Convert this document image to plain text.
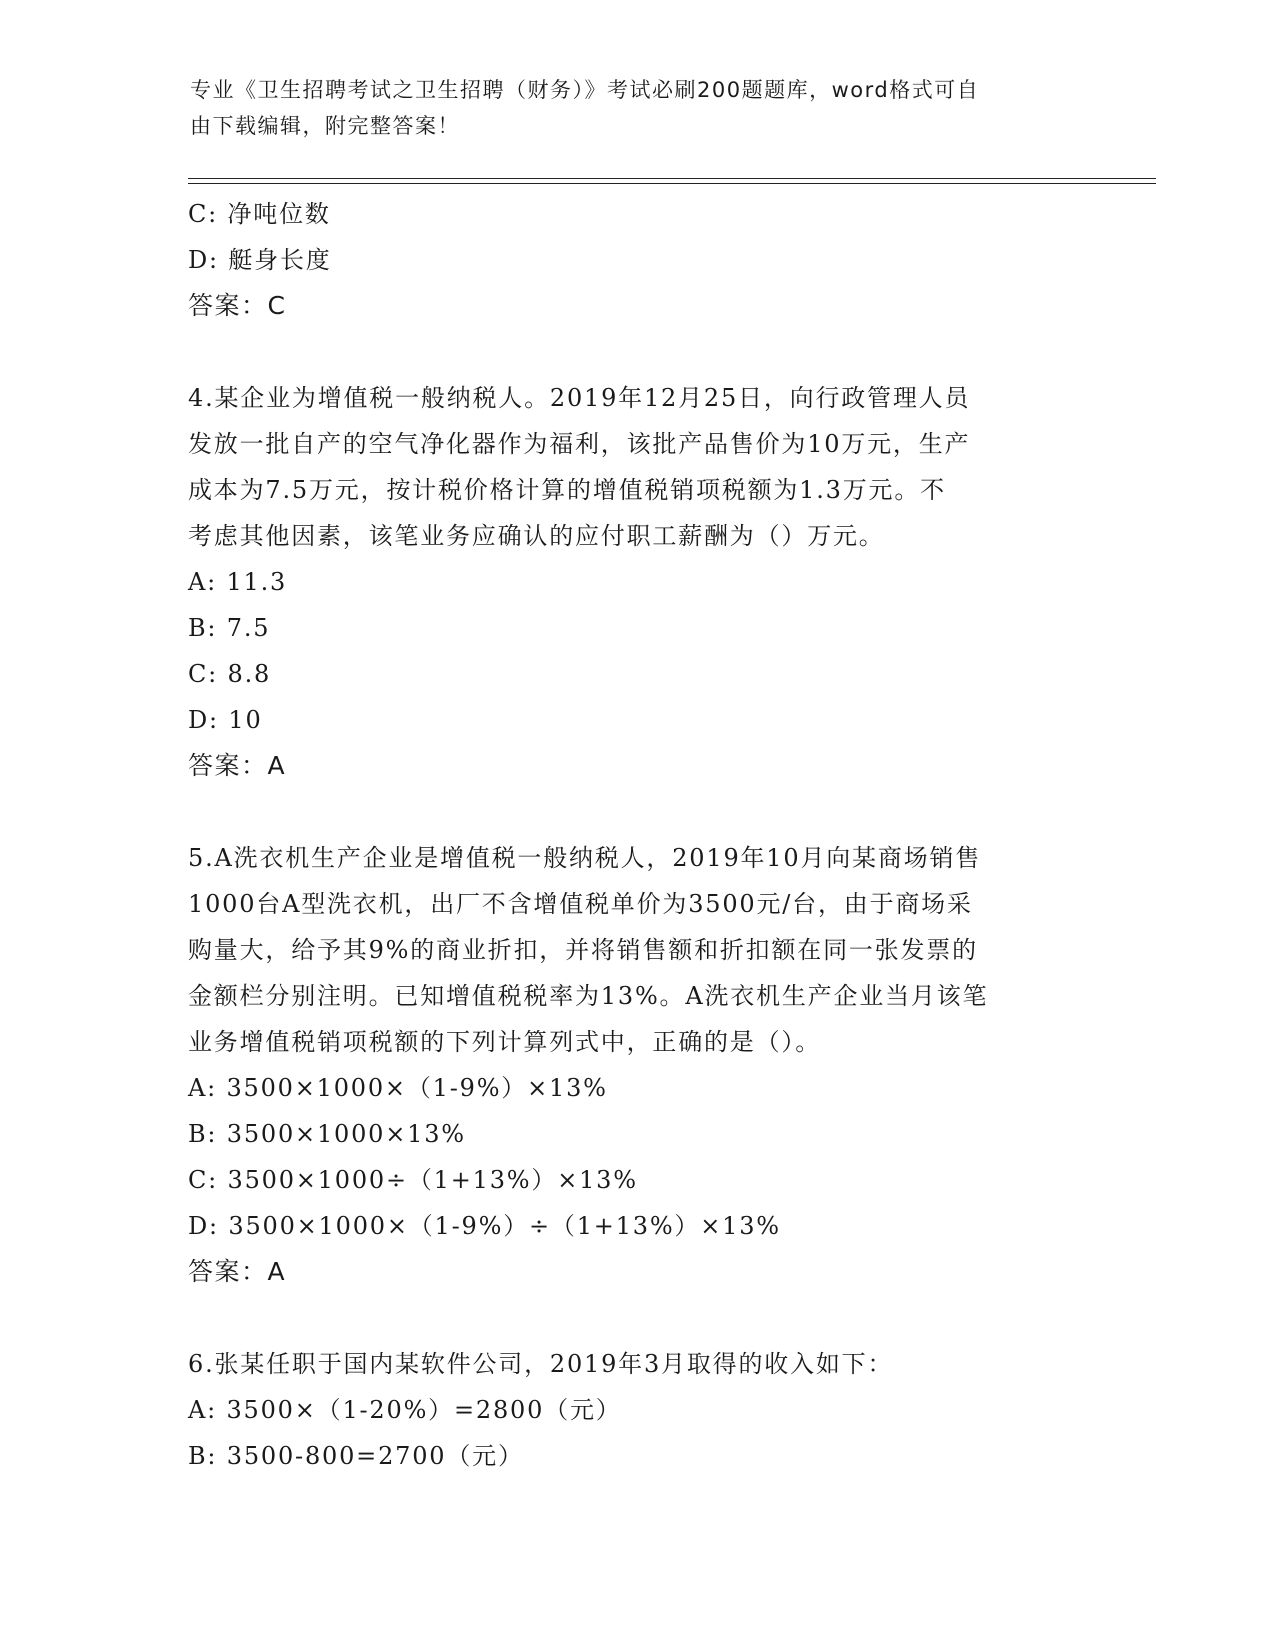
专业《卫生招聘考试之卫生招聘（财务）》考试必刷200题题库，word格式可自
由下载编辑，附完整答案！
C: 净吨位数
D: 艇身长度
答案：C
4.某企业为增值税一般纳税人。2019年12月25日，向行政管理人员
发放一批自产的空气净化器作为福利，该批产品售价为10万元，生产
成本为7.5万元，按计税价格计算的增值税销项税额为1.3万元。不
考虑其他因素，该笔业务应确认的应付职工薪酬为（）万元。
A: 11.3
B: 7.5
C: 8.8
D: 10
答案：A
5.A洗衣机生产企业是增值税一般纳税人，2019年10月向某商场销售
1000台A型洗衣机，出厂不含增值税单价为3500元/台，由于商场采
购量大，给予其9%的商业折扣，并将销售额和折扣额在同一张发票的
金额栏分别注明。已知增值税税率为13%。A洗衣机生产企业当月该笔
业务增值税销项税额的下列计算列式中，正确的是（）。
A: 3500×1000×（1-9%）×13%
B: 3500×1000×13%
C: 3500×1000÷（1+13%）×13%
D: 3500×1000×（1-9%）÷（1+13%）×13%
答案：A
6.张某任职于国内某软件公司，2019年3月取得的收入如下：
A: 3500×（1-20%）=2800（元）
B: 3500-800=2700（元）
